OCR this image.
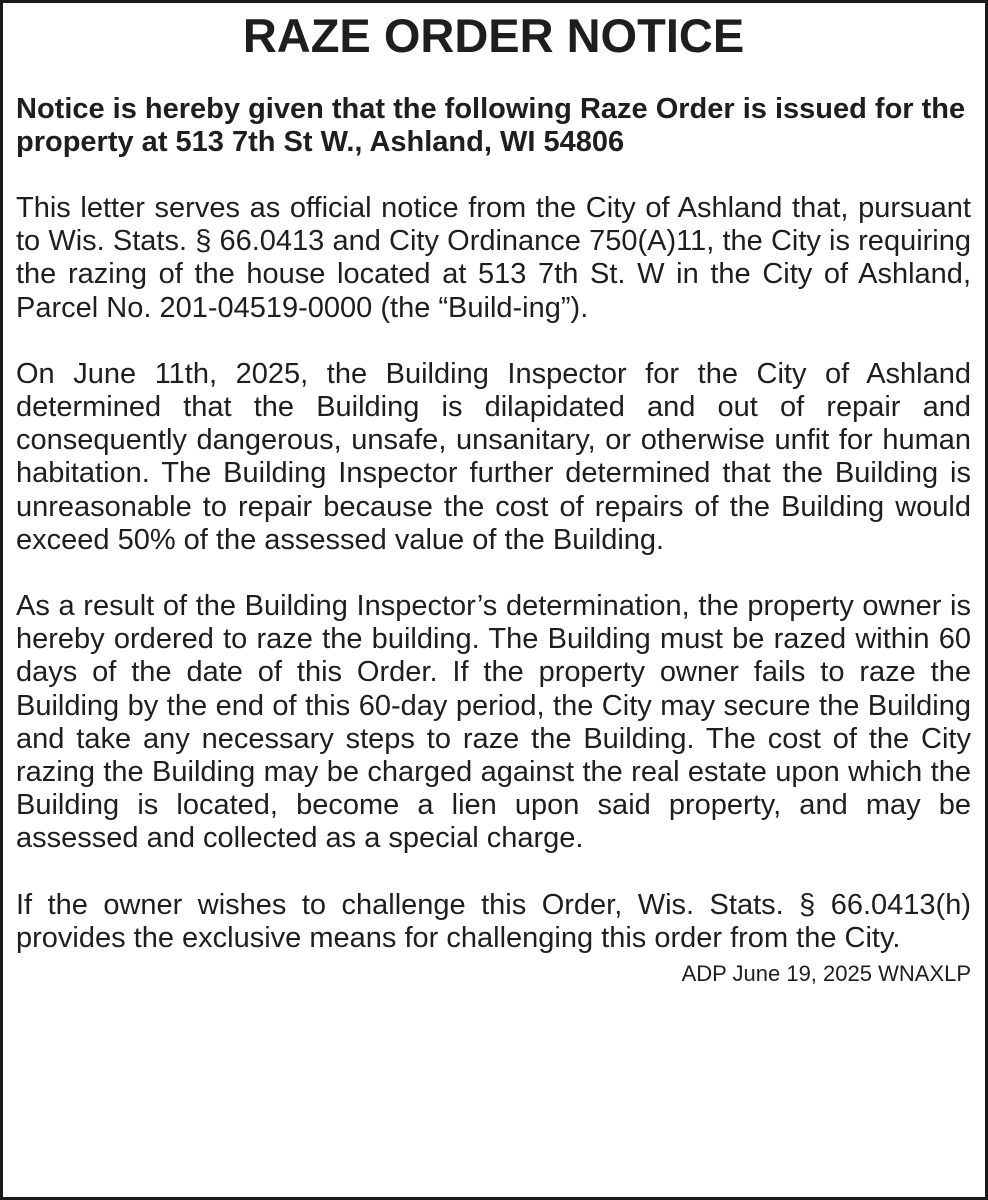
RAZE ORDER NOTICE

Notice is hereby given that the following Raze Order is issued for the property at 513 7th St W., Ashland, WI 54806

This letter serves as official notice from the City of Ashland that, pursuant to Wis. Stats. § 66.0413 and City Ordinance 750(A)11, the City is requiring the razing of the house located at 513 7th St. W in the City of Ashland, Parcel No. 201-04519-0000 (the “Build-ing”).

On June 11th, 2025, the Building Inspector for the City of Ashland determined that the Building is dilapidated and out of repair and consequently dangerous, unsafe, unsanitary, or otherwise unfit for human habitation. The Building Inspector further determined that the Building is unreasonable to repair because the cost of repairs of the Building would exceed 50% of the assessed value of the Building.

As a result of the Building Inspector’s determination, the property owner is hereby ordered to raze the building. The Building must be razed within 60 days of the date of this Order. If the property owner fails to raze the Building by the end of this 60-day period, the City may secure the Building and take any necessary steps to raze the Building. The cost of the City razing the Building may be charged against the real estate upon which the Building is located, become a lien upon said property, and may be assessed and collected as a special charge.

If the owner wishes to challenge this Order, Wis. Stats. § 66.0413(h) provides the exclusive means for challenging this order from the City.

ADP June 19, 2025 WNAXLP
